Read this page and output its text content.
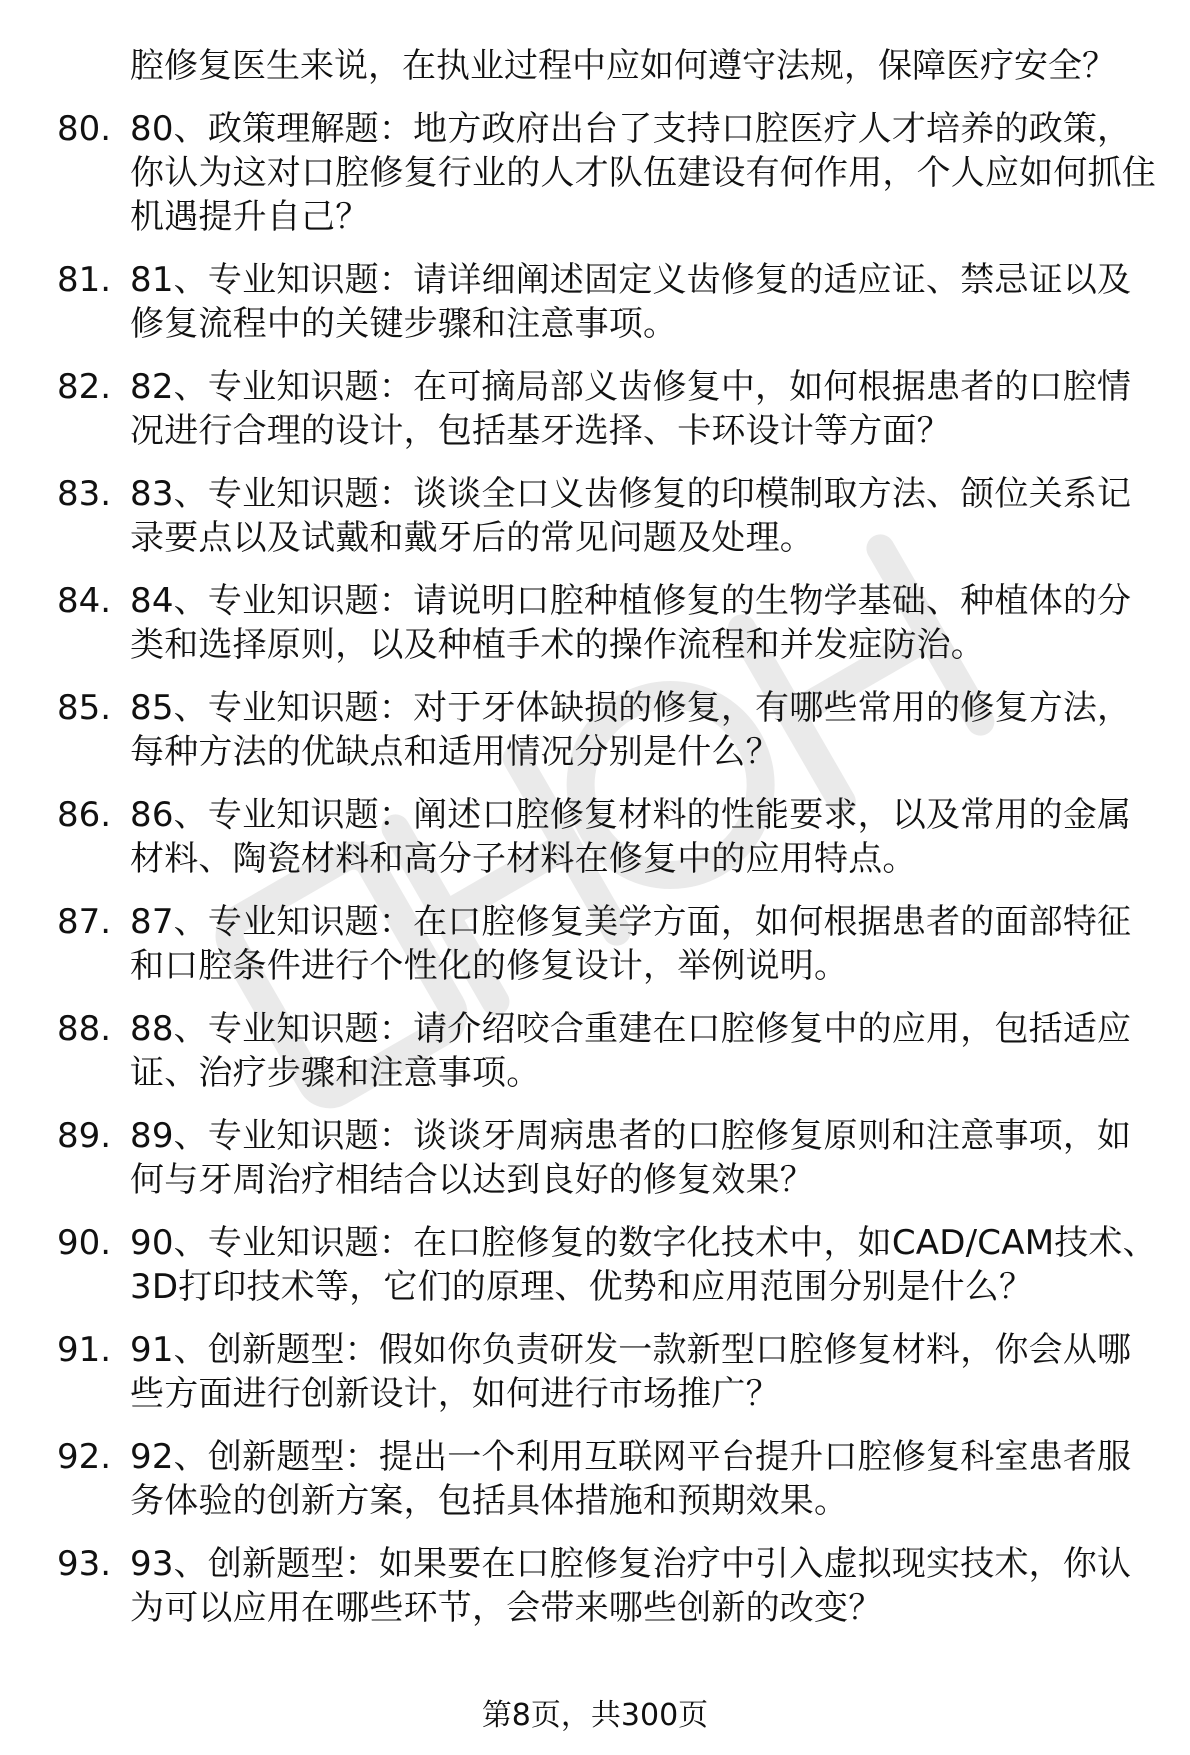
腔修复医生来说，在执业过程中应如何遵守法规，保障医疗安全？
80. 80、政策理解题：地方政府出台了支持口腔医疗人才培养的政策，你认为这对口腔修复行业的人才队伍建设有何作用，个人应如何抓住机遇提升自己？
81. 81、专业知识题：请详细阐述固定义齿修复的适应证、禁忌证以及修复流程中的关键步骤和注意事项。
82. 82、专业知识题：在可摘局部义齿修复中，如何根据患者的口腔情况进行合理的设计，包括基牙选择、卡环设计等方面？
83. 83、专业知识题：谈谈全口义齿修复的印模制取方法、颌位关系记录要点以及试戴和戴牙后的常见问题及处理。
84. 84、专业知识题：请说明口腔种植修复的生物学基础、种植体的分类和选择原则，以及种植手术的操作流程和并发症防治。
85. 85、专业知识题：对于牙体缺损的修复，有哪些常用的修复方法，每种方法的优缺点和适用情况分别是什么？
86. 86、专业知识题：阐述口腔修复材料的性能要求，以及常用的金属材料、陶瓷材料和高分子材料在修复中的应用特点。
87. 87、专业知识题：在口腔修复美学方面，如何根据患者的面部特征和口腔条件进行个性化的修复设计，举例说明。
88. 88、专业知识题：请介绍咬合重建在口腔修复中的应用，包括适应证、治疗步骤和注意事项。
89. 89、专业知识题：谈谈牙周病患者的口腔修复原则和注意事项，如何与牙周治疗相结合以达到良好的修复效果？
90. 90、专业知识题：在口腔修复的数字化技术中，如CAD/CAM技术、3D打印技术等，它们的原理、优势和应用范围分别是什么？
91. 91、创新题型：假如你负责研发一款新型口腔修复材料，你会从哪些方面进行创新设计，如何进行市场推广？
92. 92、创新题型：提出一个利用互联网平台提升口腔修复科室患者服务体验的创新方案，包括具体措施和预期效果。
93. 93、创新题型：如果要在口腔修复治疗中引入虚拟现实技术，你认为可以应用在哪些环节，会带来哪些创新的改变？
第8页，共300页
